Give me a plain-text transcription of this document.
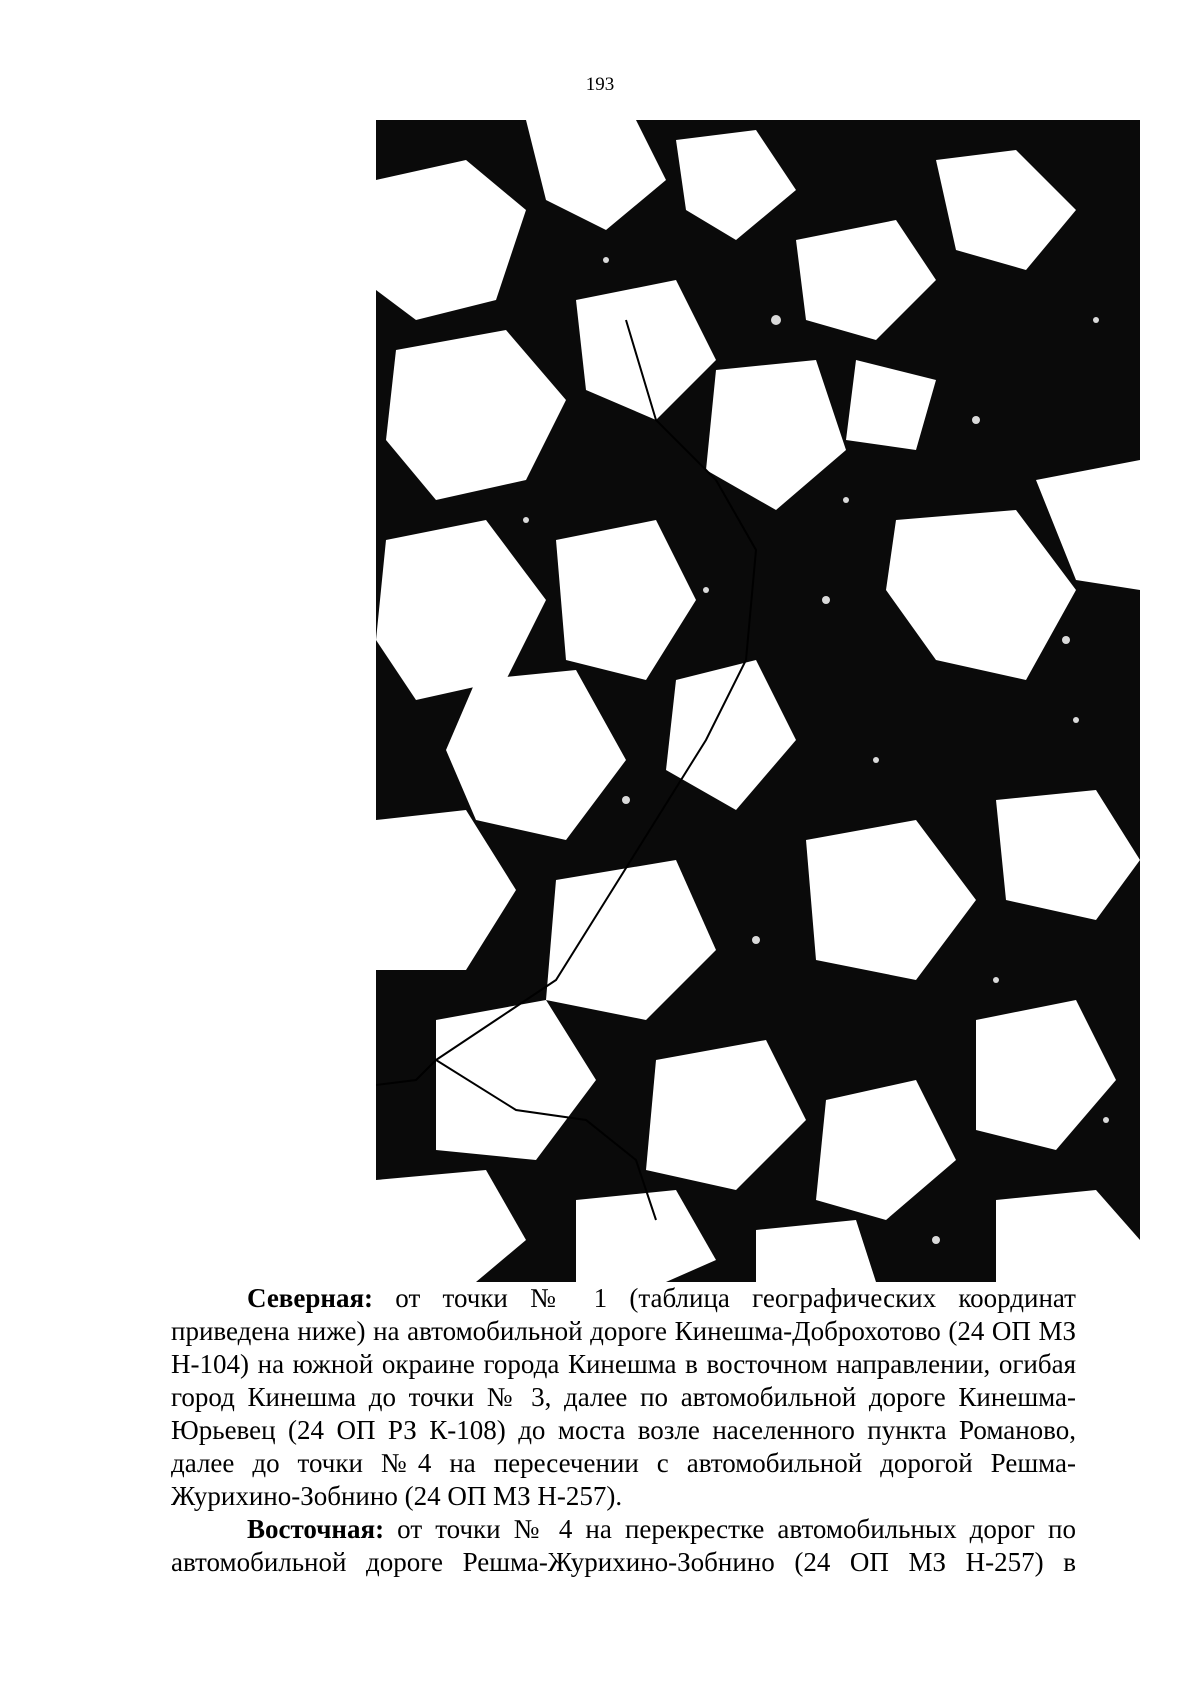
193

Северная: от точки № 1 (таблица географических координат приведена ниже) на автомобильной дороге Кинешма-Доброхотово (24 ОП МЗ Н-104) на южной окраине города Кинешма в восточном направлении, огибая город Кинешма до точки № 3, далее по автомобильной дороге Кинешма-Юрьевец (24 ОП РЗ К-108) до моста возле населенного пункта Романово, далее до точки №4 на пересечении с автомобильной дорогой Решма-Журихино-Зобнино (24 ОП МЗ Н-257).

Восточная: от точки № 4 на перекрестке автомобильных дорог по автомобильной дороге Решма-Журихино-Зобнино (24 ОП МЗ Н-257) в
